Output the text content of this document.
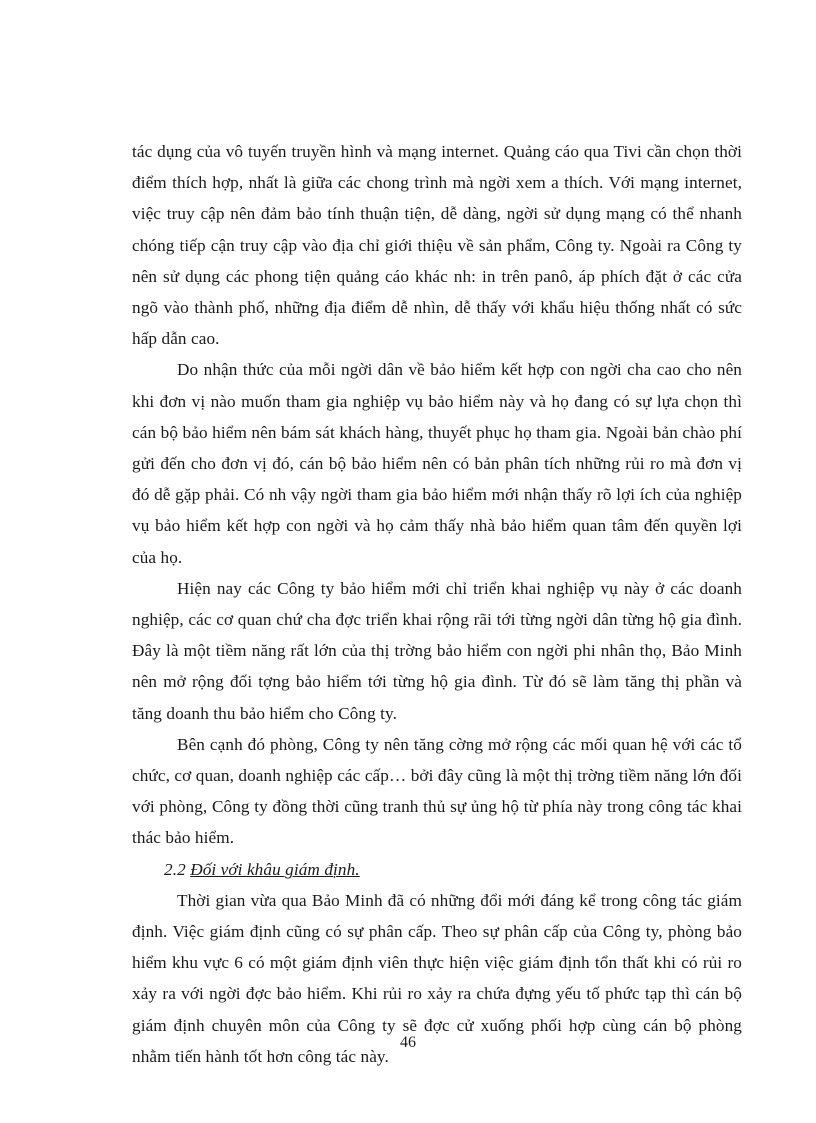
tác dụng của vô tuyến truyền hình và mạng internet. Quảng cáo qua Tivi cần chọn thời điểm thích hợp, nhất là giữa các chong trình mà ngời xem a thích. Với mạng internet, việc truy cập nên đảm bảo tính thuận tiện, dễ dàng, ngời sử dụng mạng có thể nhanh chóng tiếp cận truy cập vào địa chỉ giới thiệu về sản phẩm, Công ty. Ngoài ra Công ty nên sử dụng các phong tiện quảng cáo khác nh: in trên panô, áp phích đặt ở các cửa ngõ vào thành phố, những địa điểm dễ nhìn, dễ thấy với khẩu hiệu thống nhất có sức hấp dẫn cao.

Do nhận thức của mỗi ngời dân về bảo hiểm kết hợp con ngời cha cao cho nên khi đơn vị nào muốn tham gia nghiệp vụ bảo hiểm này và họ đang có sự lựa chọn thì cán bộ bảo hiểm nên bám sát khách hàng, thuyết phục họ tham gia. Ngoài bản chào phí gửi đến cho đơn vị đó, cán bộ bảo hiểm nên có bản phân tích những rủi ro mà đơn vị đó dễ gặp phải. Có nh vậy ngời tham gia bảo hiểm mới nhận thấy rõ lợi ích của nghiệp vụ bảo hiểm kết hợp con ngời và họ cảm thấy nhà bảo hiểm quan tâm đến quyền lợi của họ.

Hiện nay các Công ty bảo hiểm mới chỉ triển khai nghiệp vụ này ở các doanh nghiệp, các cơ quan chứ cha đợc triển khai rộng rãi tới từng ngời dân từng hộ gia đình. Đây là một tiềm năng rất lớn của thị trờng bảo hiểm con ngời phi nhân thọ, Bảo Minh nên mở rộng đối tợng bảo hiểm tới từng hộ gia đình. Từ đó sẽ làm tăng thị phần và tăng doanh thu bảo hiểm cho Công ty.

Bên cạnh đó phòng, Công ty nên tăng cờng mở rộng các mối quan hệ với các tổ chức, cơ quan, doanh nghiệp các cấp… bởi đây cũng là một thị trờng tiềm năng lớn đối với phòng, Công ty đồng thời cũng tranh thủ sự ủng hộ từ phía này trong công tác khai thác bảo hiểm.

2.2 Đối với khâu giám định.

Thời gian vừa qua Bảo Minh đã có những đổi mới đáng kể trong công tác giám định. Việc giám định cũng có sự phân cấp. Theo sự phân cấp của Công ty, phòng bảo hiểm khu vực 6 có một giám định viên thực hiện việc giám định tổn thất khi có rủi ro xảy ra với ngời đợc bảo hiểm. Khi rủi ro xảy ra chứa đựng yếu tố phức tạp thì cán bộ giám định chuyên môn của Công ty sẽ đợc cử xuống phối hợp cùng cán bộ phòng nhằm tiến hành tốt hơn công tác này.

46
